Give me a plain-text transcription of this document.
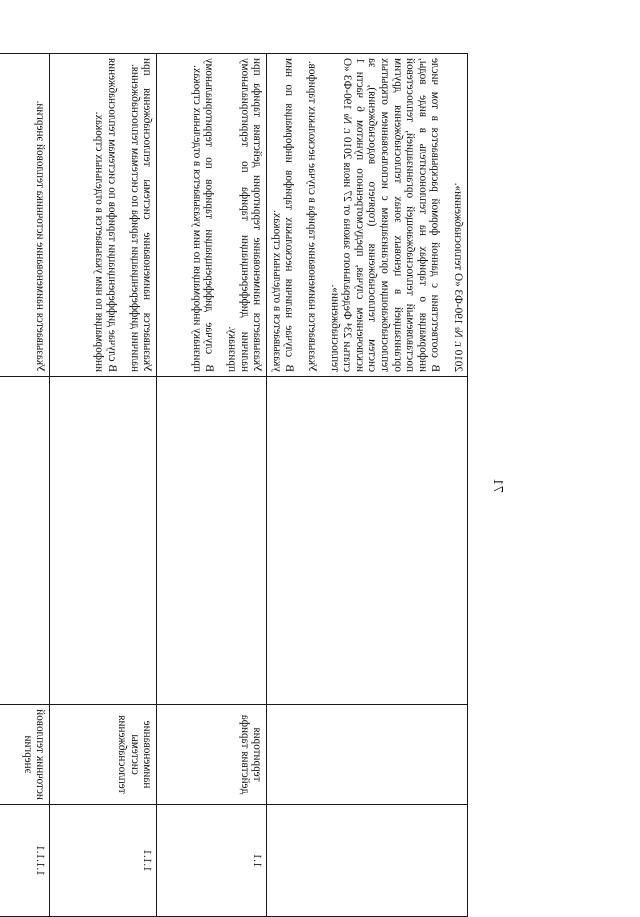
71

			2010 г. № 190-ФЗ «О теплоснабжении».

В соответствии с данной формой раскрывается в том числе информация о тарифах на теплоноситель в виде воды, поставляемый теплоснабжающей организацией, теплосетевой организацией в ценовых зонах теплоснабжения другим теплоснабжающим организациям с использованием открытых систем теплоснабжения (горячего водоснабжения), за исключением случая, предусмотренного пунктом 6 части 1 статьи 23⁴ Федерального закона от 27 июля 2010 г. № 190-ФЗ «О теплоснабжении».

Указывается наименование тарифа в случае нескольких тарифов.

В случае наличия нескольких тарифов информация по ним указывается в отдельных строках.

1.1	территория действия тарифа		Указывается наименование территории действия тарифа при наличии дифференциации тарифа по территориальному признаку.

В случае дифференциации тарифов по территориальному признаку информация по ним указывается в отдельных строках.

1.1.1	наименование системы теплоснабжения		Указывается наименование системы теплоснабжения при наличии дифференциации тарифа по системам теплоснабжения.

В случае дифференциации тарифов по системам теплоснабжения информация по ним указывается в отдельных строках.

1.1.1.1	источник тепловой энергии		Указывается наименование источника тепловой энергии.
